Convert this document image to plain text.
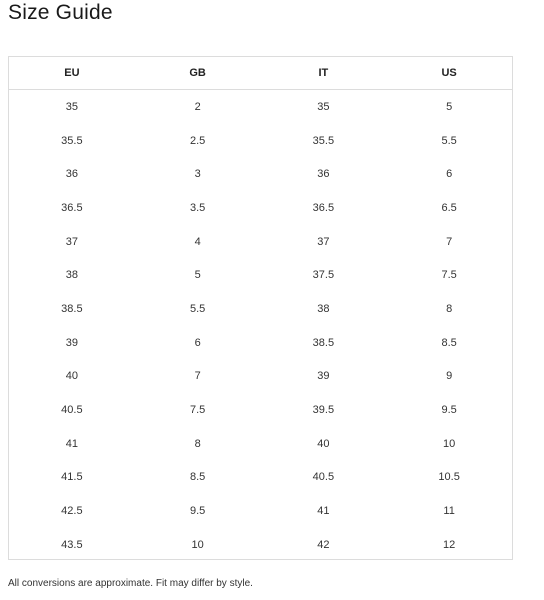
Size Guide
EU	GB	IT	US
35	2	35	5
35.5	2.5	35.5	5.5
36	3	36	6
36.5	3.5	36.5	6.5
37	4	37	7
38	5	37.5	7.5
38.5	5.5	38	8
39	6	38.5	8.5
40	7	39	9
40.5	7.5	39.5	9.5
41	8	40	10
41.5	8.5	40.5	10.5
42.5	9.5	41	11
43.5	10	42	12
All conversions are approximate. Fit may differ by style.
